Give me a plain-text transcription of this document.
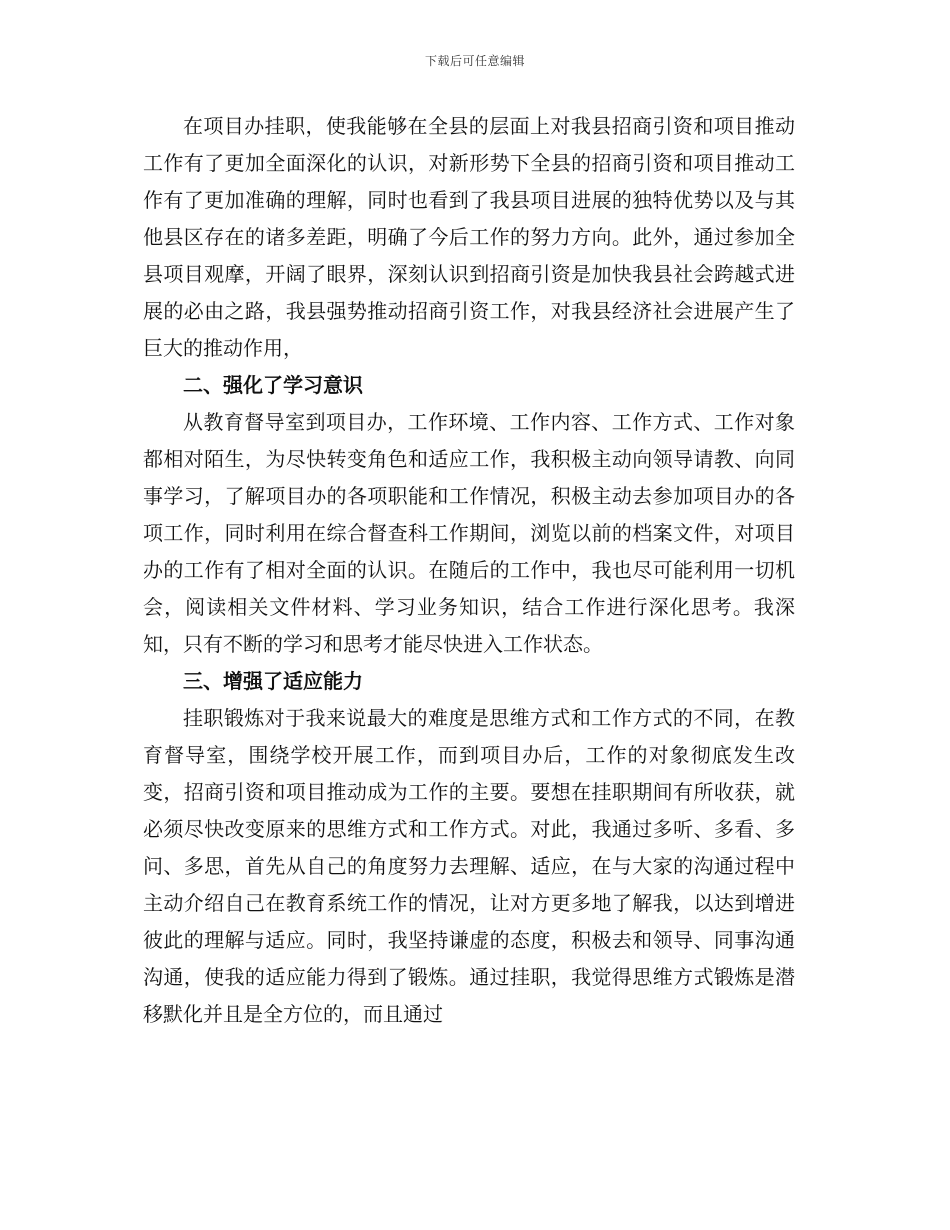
下载后可任意编辑

在项目办挂职，使我能够在全县的层面上对我县招商引资和项目推动工作有了更加全面深化的认识，对新形势下全县的招商引资和项目推动工作有了更加准确的理解，同时也看到了我县项目进展的独特优势以及与其他县区存在的诸多差距，明确了今后工作的努力方向。此外，通过参加全县项目观摩，开阔了眼界，深刻认识到招商引资是加快我县社会跨越式进展的必由之路，我县强势推动招商引资工作，对我县经济社会进展产生了巨大的推动作用，

二、强化了学习意识

从教育督导室到项目办，工作环境、工作内容、工作方式、工作对象都相对陌生，为尽快转变角色和适应工作，我积极主动向领导请教、向同事学习，了解项目办的各项职能和工作情况，积极主动去参加项目办的各项工作，同时利用在综合督查科工作期间，浏览以前的档案文件，对项目办的工作有了相对全面的认识。在随后的工作中，我也尽可能利用一切机会，阅读相关文件材料、学习业务知识，结合工作进行深化思考。我深知，只有不断的学习和思考才能尽快进入工作状态。

三、增强了适应能力

挂职锻炼对于我来说最大的难度是思维方式和工作方式的不同，在教育督导室，围绕学校开展工作，而到项目办后，工作的对象彻底发生改变，招商引资和项目推动成为工作的主要。要想在挂职期间有所收获，就必须尽快改变原来的思维方式和工作方式。对此，我通过多听、多看、多问、多思，首先从自己的角度努力去理解、适应，在与大家的沟通过程中主动介绍自己在教育系统工作的情况，让对方更多地了解我，以达到增进彼此的理解与适应。同时，我坚持谦虚的态度，积极去和领导、同事沟通沟通，使我的适应能力得到了锻炼。通过挂职，我觉得思维方式锻炼是潜移默化并且是全方位的，而且通过
